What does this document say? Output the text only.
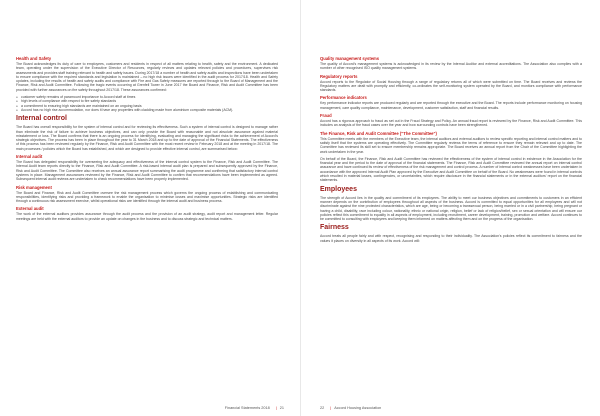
Health and Safety

The Board acknowledges its duty of care to employees, customers and residents in respect of all matters relating to health, safety and the environment. A dedicated team, operating under the supervision of the Executive Director of Resources, regularly reviews and updates relevant policies and procedures, supervises risk assessments and provides staff training relevant to health and safety issues. During 2017/18 a number of health and safety audits and inspections have been undertaken to ensure compliance with the required standards and legislation is maintained – no high risk issues were identified in the audit process for 2017/18. Health and Safety updates, including the results of health and safety audits and compliance with Fire and Gas Safety measures are reported through to the Board of Management and the Finance, Risk and Audit Committee. Following the tragic events occurring at Grenfell Tower in June 2017 the Board and Finance, Risk and Audit Committee has been provided with further assurances on fire safety throughout 2017/18. These assurances confirmed:

o customer safety remains of paramount importance to Accord staff at times
o high levels of compliance with respect to fire safety standards
o a commitment to ensuring high standards are maintained on an ongoing basis
o Accord has no high rise accommodation, nor does it have any properties with cladding made from aluminium composite materials (ACM).
Internal control

The Board has overall responsibility for the system of internal control and for reviewing its effectiveness. Such a system of internal control is designed to manage rather than eliminate the risk of failure to achieve business objectives, and can only provide the Board with reasonable and not absolute assurance against material misstatement or loss. The Board confirms that there is an ongoing process for identifying, evaluating and managing the significant risks to the achievement of Accord's strategic objectives. The process has been in place throughout the year to 31 March 2018 and up to the date of approval of the Financial Statements. The effectiveness of this process has been reviewed regularly by the Finance, Risk and Audit Committee with the most recent review in February 2018 and at the meeting in 2017/18. The main processes / policies which the Board has established, and which are designed to provide effective internal control, are summarised below:

Internal audit

The Board has delegated responsibility for overseeing the adequacy and effectiveness of the internal control system to the Finance, Risk and Audit Committee. The Internal Audit team reports directly to the Finance, Risk and Audit Committee. A risk-based internal audit plan is prepared and subsequently approved by the Finance, Risk and Audit Committee. The Committee also receives an annual assurance report summarising the audit programme and confirming that satisfactory internal control systems in place. Management assurances reviewed by the Finance, Risk and Audit Committee to confirm that recommendations have been implemented as agreed. Subsequent internal audit reviews are undertaken to check recommendations have been properly implemented.

Risk management

The Board and Finance, Risk and Audit Committee oversee the risk management process which governs the ongoing process of establishing and communicating responsibilities, identifying risks and providing a framework to enable the organisation to minimise losses and maximise opportunities. Strategic risks are identified through a continuous risk assessment exercise, whilst operational risks are identified through the internal audit and business process.

External audit

The work of the external auditors provides assurance through the audit process and the provision of an audit strategy, audit report and management letter. Regular meetings are held with the external auditors to provide an update on changes in the business and to discuss strategic and technical matters.

Financial Statements 2018 | 21
Quality management systems

The quality of Accord's management systems is acknowledged in its review by the Internal Auditor and external accreditations. The Association also complies with a number of other recognised ISO quality management systems.

Regulatory reports

Accord reports to the Regulator of Social Housing through a range of regulatory returns all of which were submitted on time. The Board receives and reviews the Regulatory matters are dealt with promptly and efficiently, co-ordinates the self-monitoring system operated by the Board, and monitors compliance with performance standards.

Performance indicators

Key performance indicator reports are produced regularly and are reported through the executive and the Board. The reports include performance monitoring on housing management, care quality compliance, maintenance, development, customer satisfaction, staff and financial results.

Fraud

Accord has a rigorous approach to fraud as set out in the Fraud Strategy and Policy. An annual fraud report is reviewed by the Finance, Risk and Audit Committee. This includes an analysis of the fraud cases over the year and how surrounding controls have been strengthened.

The Finance, Risk and Audit Committee ("The Committee")

This Committee meets with the members of the Executive team, the internal auditors and external auditors to review specific reporting and internal control matters and to satisfy itself that the systems are operating effectively. The Committee regularly reviews the terms of reference to ensure they remain relevant and up to date. The Committee has reviewed its skill set to ensure membership remains appropriate. The Board receives an annual report from the Chair of the Committee highlighting the work undertaken in the year.

On behalf of the Board, the Finance, Risk and Audit Committee has reviewed the effectiveness of the system of internal control in existence in the Association for the financial year and the period to the date of approval of the financial statements. The Finance, Risk and Audit Committee reviewed the annual report on internal control assurance and have continued its review of effectiveness of the risk management and control process. A number of internal control weaknesses have been undertaken in accordance with the approved Internal Audit Plan approved by the Executive and Audit Committee on behalf of the Board. No weaknesses were found in internal controls which resulted in material losses, contingencies, or uncertainties, which require disclosure in the financial statements or in the external auditors' report on the financial statements.

Employees

The strength of Accord lies in the quality and commitment of its employees. The ability to meet our business objectives and commitments to customers in an efficient manner depends on the contribution of employees throughout all aspects of the business. Accord is committed to equal opportunities for all employees and will not discriminate against the nine protected characteristics, which are age, being or becoming a transsexual person, being married or in a civil partnership, being pregnant or having a child, disability, race including colour, nationality, ethnic or national origin, religion, belief or lack of religion/belief, sex or sexual orientation and will ensure our policies reflect this commitment to equality in all aspects of employment, including recruitment, career development, training, promotion and welfare. Accord continues to be committed to consulting with employees and keeping them informed on matters affecting them and on the progress of the organisation.

Fairness

Accord treats all people fairly and with respect, recognising and responding to their individuality. The Association's policies reflect its commitment to fairness and the values it places on diversity in all aspects of its work. Accord will:

22 | Accord Housing Association
